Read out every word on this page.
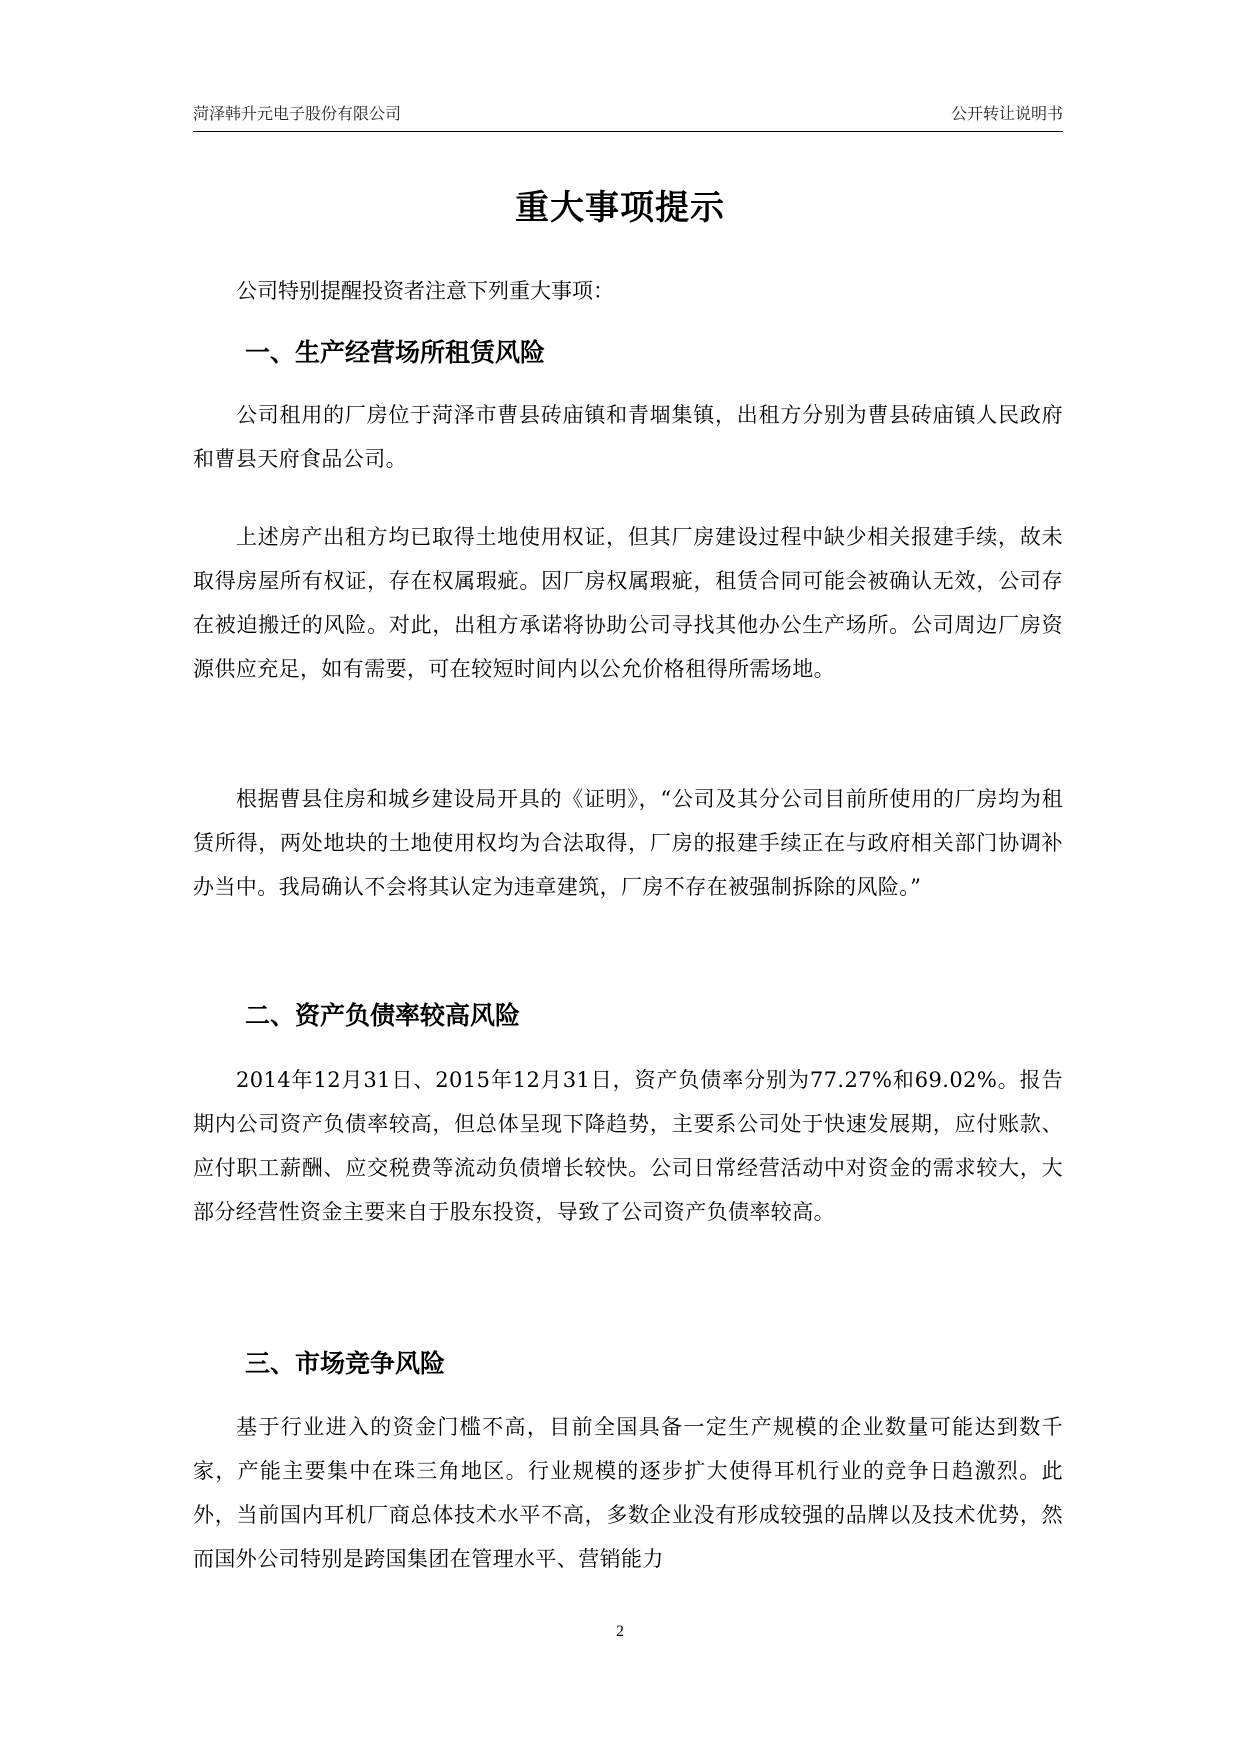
菏泽韩升元电子股份有限公司	公开转让说明书
重大事项提示
公司特别提醒投资者注意下列重大事项：
一、生产经营场所租赁风险
公司租用的厂房位于菏泽市曹县砖庙镇和青堌集镇，出租方分别为曹县砖庙镇人民政府和曹县天府食品公司。
上述房产出租方均已取得土地使用权证，但其厂房建设过程中缺少相关报建手续，故未取得房屋所有权证，存在权属瑕疵。因厂房权属瑕疵，租赁合同可能会被确认无效，公司存在被迫搬迁的风险。对此，出租方承诺将协助公司寻找其他办公生产场所。公司周边厂房资源供应充足，如有需要，可在较短时间内以公允价格租得所需场地。
根据曹县住房和城乡建设局开具的《证明》，“公司及其分公司目前所使用的厂房均为租赁所得，两处地块的土地使用权均为合法取得，厂房的报建手续正在与政府相关部门协调补办当中。我局确认不会将其认定为违章建筑，厂房不存在被强制拆除的风险。”
二、资产负债率较高风险
2014年12月31日、2015年12月31日，资产负债率分别为77.27%和69.02%。报告期内公司资产负债率较高，但总体呈现下降趋势，主要系公司处于快速发展期，应付账款、应付职工薪酬、应交税费等流动负债增长较快。公司日常经营活动中对资金的需求较大，大部分经营性资金主要来自于股东投资，导致了公司资产负债率较高。
三、市场竞争风险
基于行业进入的资金门槛不高，目前全国具备一定生产规模的企业数量可能达到数千家，产能主要集中在珠三角地区。行业规模的逐步扩大使得耳机行业的竞争日趋激烈。此外，当前国内耳机厂商总体技术水平不高，多数企业没有形成较强的品牌以及技术优势，然而国外公司特别是跨国集团在管理水平、营销能力
2
